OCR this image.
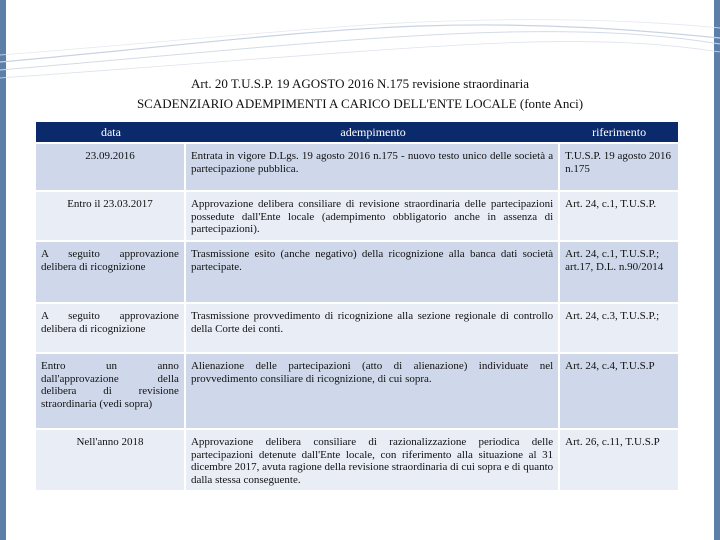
Art. 20 T.U.S.P. 19 AGOSTO 2016 N.175 revisione straordinaria
SCADENZIARIO ADEMPIMENTI A CARICO DELL'ENTE LOCALE (fonte Anci)
data	adempimento	riferimento
23.09.2016	Entrata in vigore D.Lgs. 19 agosto 2016 n.175 - nuovo testo unico delle società a partecipazione pubblica.	T.U.S.P. 19 agosto 2016 n.175
Entro il 23.03.2017	Approvazione delibera consiliare di revisione straordinaria delle partecipazioni possedute dall'Ente locale (adempimento obbligatorio anche in assenza di partecipazioni).	Art. 24, c.1, T.U.S.P.
A seguito approvazione delibera di ricognizione	Trasmissione esito (anche negativo) della ricognizione alla banca dati società partecipate.	Art. 24, c.1, T.U.S.P.; art.17, D.L. n.90/2014
A seguito approvazione delibera di ricognizione	Trasmissione provvedimento di ricognizione alla sezione regionale di controllo della Corte dei conti.	Art. 24, c.3, T.U.S.P.;
Entro un anno dall'approvazione della delibera di revisione straordinaria (vedi sopra)	Alienazione delle partecipazioni (atto di alienazione) individuate nel provvedimento consiliare di ricognizione, di cui sopra.	Art. 24, c.4, T.U.S.P
Nell'anno 2018	Approvazione delibera consiliare di razionalizzazione periodica delle partecipazioni detenute dall'Ente locale, con riferimento alla situazione al 31 dicembre 2017, avuta ragione della revisione straordinaria di cui sopra e di quanto dalla stessa conseguente.	Art. 26, c.11, T.U.S.P
